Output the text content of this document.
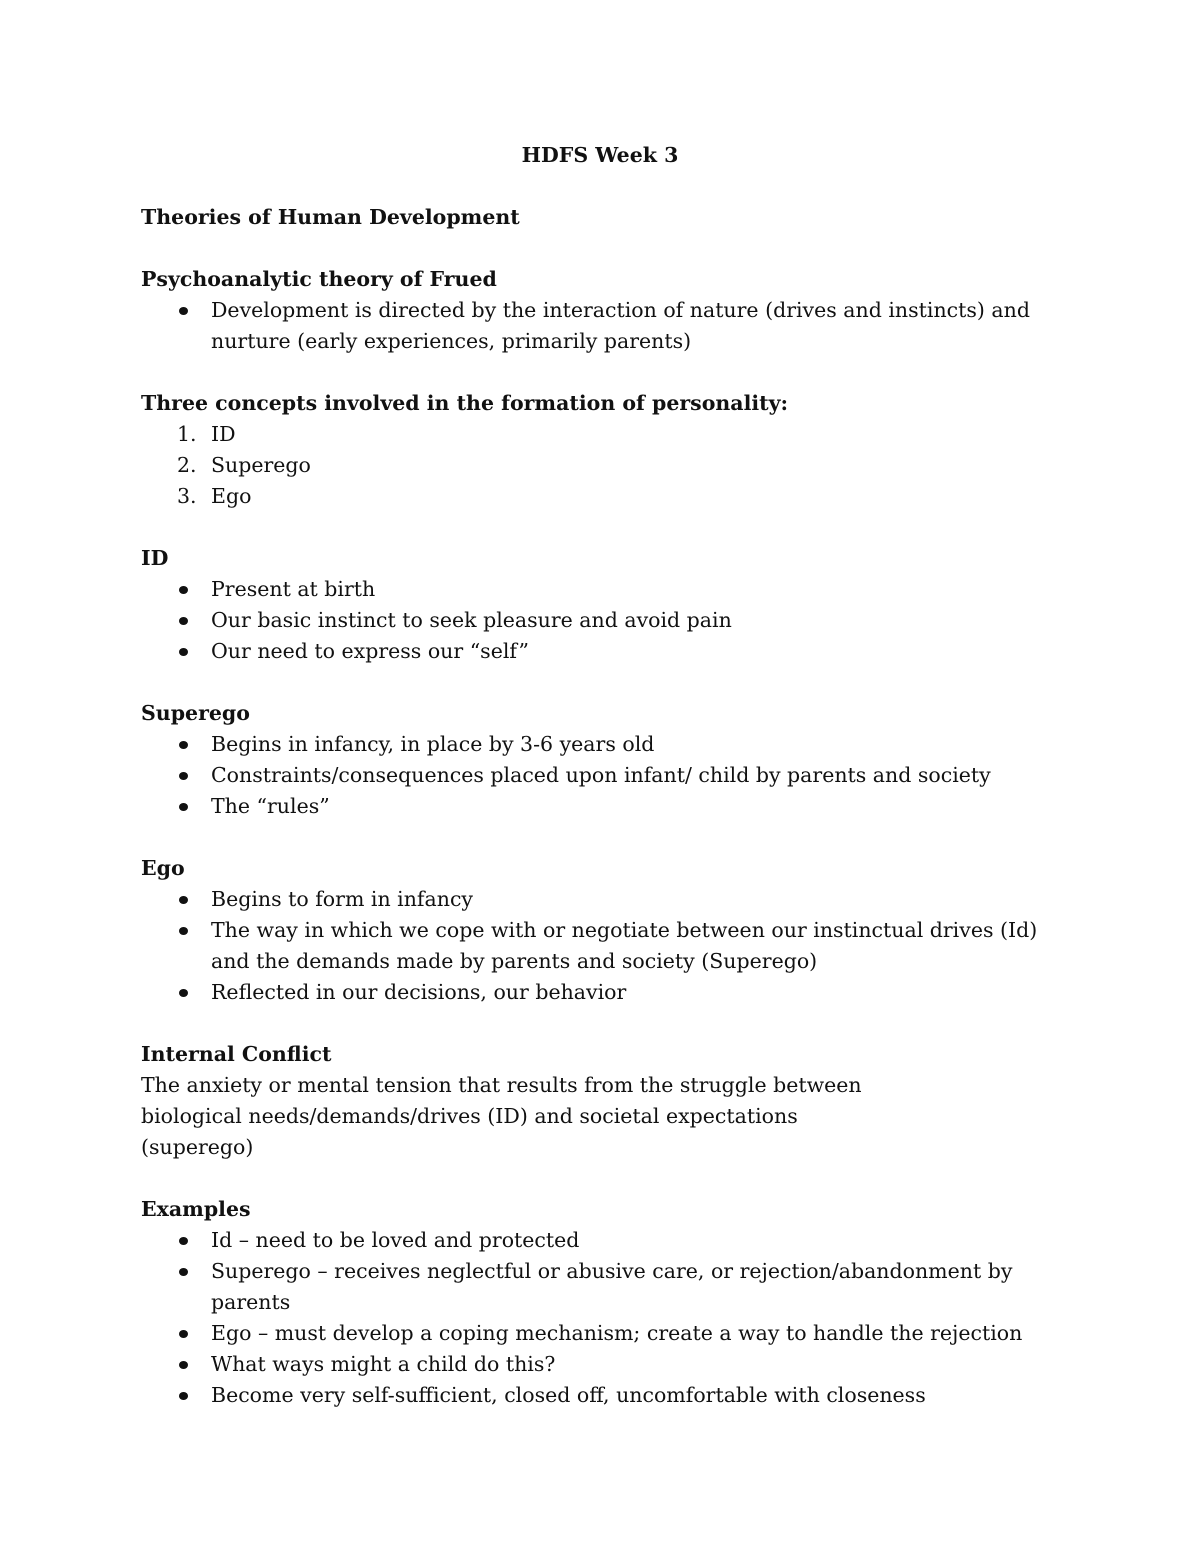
HDFS Week 3
Theories of Human Development
Psychoanalytic theory of Frued
Development is directed by the interaction of nature (drives and instincts) and nurture (early experiences, primarily parents)
Three concepts involved in the formation of personality:
1. ID
2. Superego
3. Ego
ID
Present at birth
Our basic instinct to seek pleasure and avoid pain
Our need to express our “self”
Superego
Begins in infancy, in place by 3-6 years old
Constraints/consequences placed upon infant/ child by parents and society
The “rules”
Ego
Begins to form in infancy
The way in which we cope with or negotiate between our instinctual drives (Id) and the demands made by parents and society (Superego)
Reflected in our decisions, our behavior
Internal Conflict
The anxiety or mental tension that results from the struggle between biological needs/demands/drives (ID) and societal expectations (superego)
Examples
Id – need to be loved and protected
Superego – receives neglectful or abusive care, or rejection/abandonment by parents
Ego – must develop a coping mechanism; create a way to handle the rejection
What ways might a child do this?
Become very self-sufficient, closed off, uncomfortable with closeness
